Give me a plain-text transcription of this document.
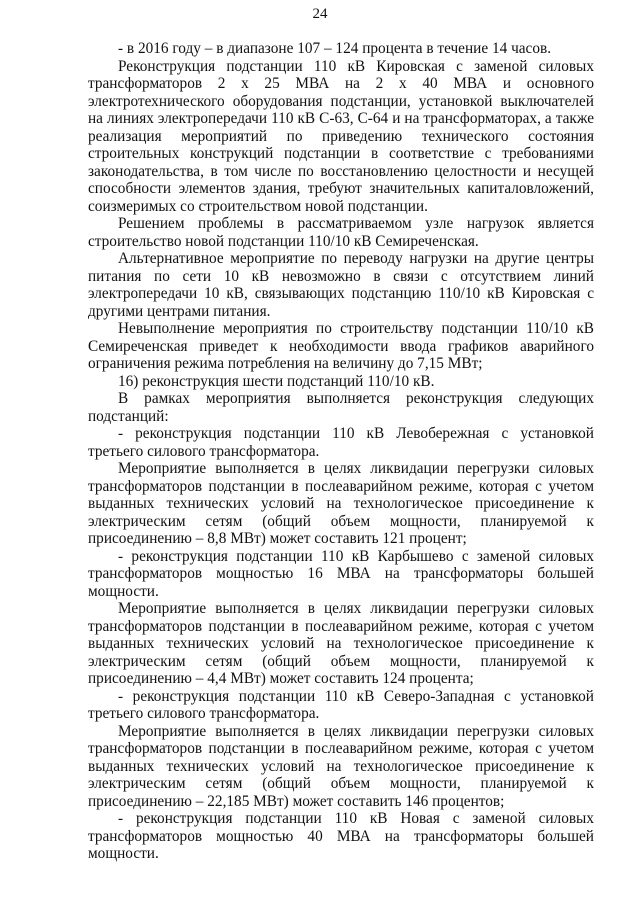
24

- в 2016 году – в диапазоне 107 – 124 процента в течение 14 часов.

Реконструкция подстанции 110 кВ Кировская с заменой силовых трансформаторов 2 х 25 МВА на 2 х 40 МВА и основного электротехнического оборудования подстанции, установкой выключателей на линиях электропередачи 110 кВ С-63, С-64 и на трансформаторах, а также реализация мероприятий по приведению технического состояния строительных конструкций подстанции в соответствие с требованиями законодательства, в том числе по восстановлению целостности и несущей способности элементов здания, требуют значительных капиталовложений, соизмеримых со строительством новой подстанции.

Решением проблемы в рассматриваемом узле нагрузок является строительство новой подстанции 110/10 кВ Семиреченская.

Альтернативное мероприятие по переводу нагрузки на другие центры питания по сети 10 кВ невозможно в связи с отсутствием линий электропередачи 10 кВ, связывающих подстанцию 110/10 кВ Кировская с другими центрами питания.

Невыполнение мероприятия по строительству подстанции 110/10 кВ Семиреченская приведет к необходимости ввода графиков аварийного ограничения режима потребления на величину до 7,15 МВт;

16) реконструкция шести подстанций 110/10 кВ.

В рамках мероприятия выполняется реконструкция следующих подстанций:

- реконструкция подстанции 110 кВ Левобережная с установкой третьего силового трансформатора.

Мероприятие выполняется в целях ликвидации перегрузки силовых трансформаторов подстанции в послеаварийном режиме, которая с учетом выданных технических условий на технологическое присоединение к электрическим сетям (общий объем мощности, планируемой к присоединению – 8,8 МВт) может составить 121 процент;

- реконструкция подстанции 110 кВ Карбышево с заменой силовых трансформаторов мощностью 16 МВА на трансформаторы большей мощности.

Мероприятие выполняется в целях ликвидации перегрузки силовых трансформаторов подстанции в послеаварийном режиме, которая с учетом выданных технических условий на технологическое присоединение к электрическим сетям (общий объем мощности, планируемой к присоединению – 4,4 МВт) может составить 124 процента;

- реконструкция подстанции 110 кВ Северо-Западная с установкой третьего силового трансформатора.

Мероприятие выполняется в целях ликвидации перегрузки силовых трансформаторов подстанции в послеаварийном режиме, которая с учетом выданных технических условий на технологическое присоединение к электрическим сетям (общий объем мощности, планируемой к присоединению – 22,185 МВт) может составить 146 процентов;

- реконструкция подстанции 110 кВ Новая с заменой силовых трансформаторов мощностью 40 МВА на трансформаторы большей мощности.
